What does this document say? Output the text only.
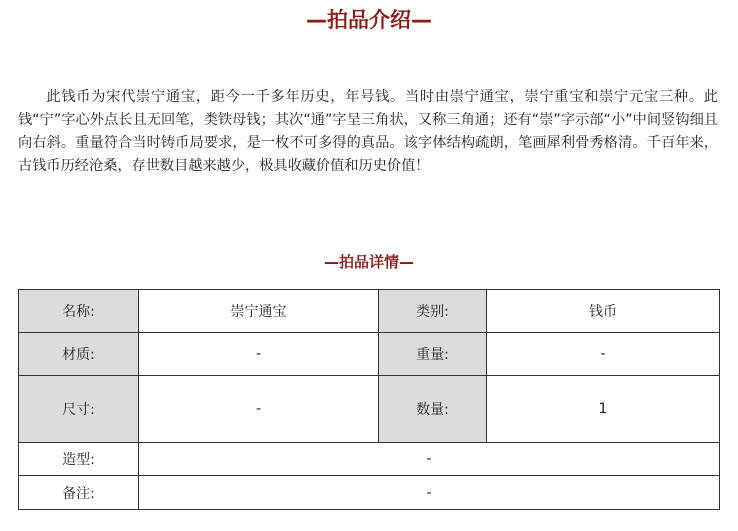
—拍品介绍—

此钱币为宋代崇宁通宝，距今一千多年历史，年号钱。当时由崇宁通宝，崇宁重宝和崇宁元宝三种。此钱“宁”字心外点长且无回笔，类铁母钱；其次“通”字呈三角状，又称三角通；还有“崇”字示部“小”中间竖钩细且向右斜。重量符合当时铸币局要求，是一枚不可多得的真品。该字体结构疏朗，笔画犀利骨秀格清。千百年来，古钱币历经沧桑，存世数目越来越少，极具收藏价值和历史价值！

—拍品详情—
名称:	崇宁通宝	类别:	钱币
材质:	-	重量:	-
尺寸:	-	数量:	1
造型:	-		
备注:	-		
